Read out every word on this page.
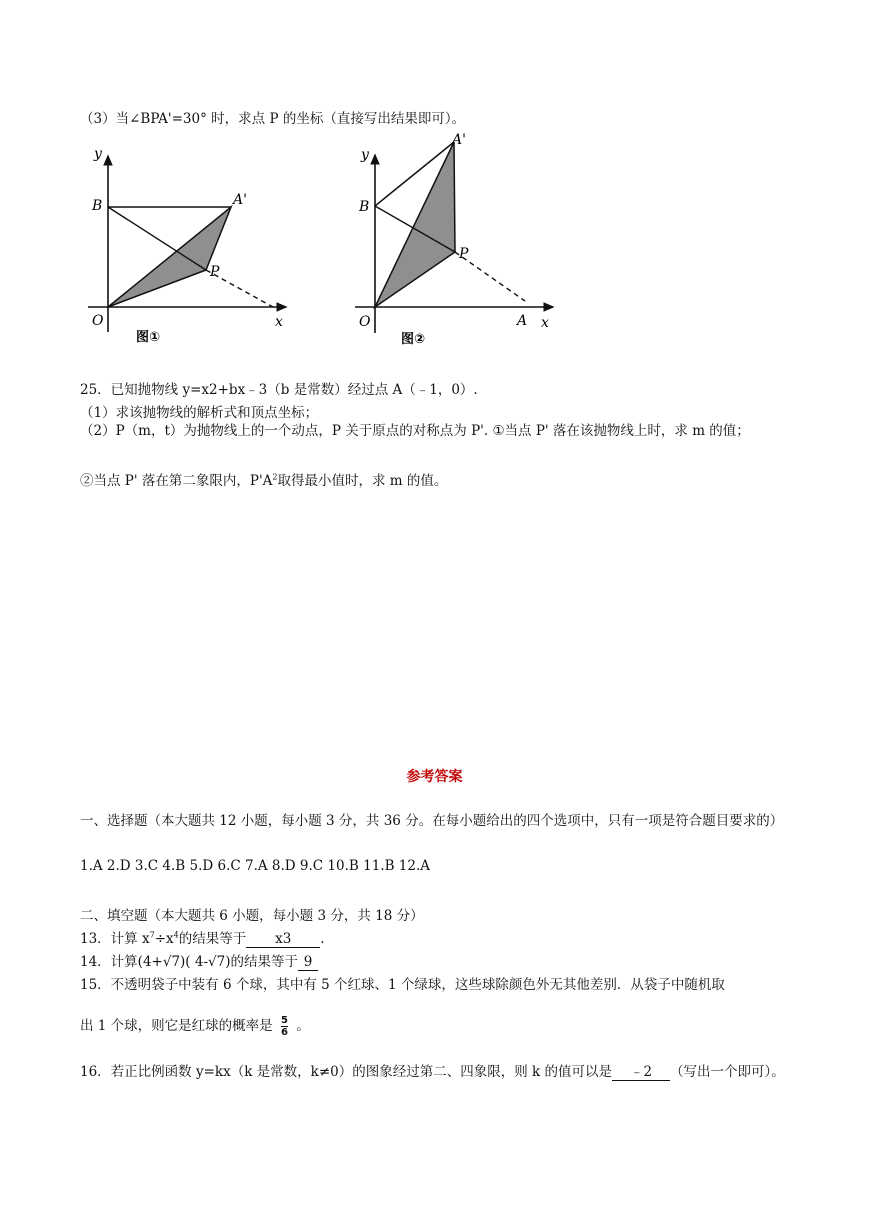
（3）当∠BPA'=30° 时，求点 P 的坐标（直接写出结果即可）。
y
B	A'
P
O	x
图①
y
B
A'
P
O	A x
图②
25．已知抛物线 y=x2+bx﹣3（b 是常数）经过点 A（﹣1，0）.
（1）求该抛物线的解析式和顶点坐标；
（2）P（m，t）为抛物线上的一个动点，P 关于原点的对称点为 P'. ①当点 P' 落在该抛物线上时，求 m 的值；
②当点 P' 落在第二象限内，$P'A^2$取得最小值时，求 m 的值。
参考答案
一、选择题（本大题共 12 小题，每小题 3 分，共 36 分。在每小题给出的四个选项中，只有一项是符合题目要求的）
1.A 2.D 3.C 4.B 5.D 6.C 7.A 8.D 9.C 10.B 11.B 12.A
二、填空题（本大题共 6 小题，每小题 3 分，共 18 分）
13．计算 $x^7\div x^4$的结果等于 x3 .
14．计算(4+√7)( 4-√7)的结果等于 9
15．不透明袋子中装有 6 个球，其中有 5 个红球、1 个绿球，这些球除颜色外无其他差别．从袋子中随机取
出 1 个球，则它是红球的概率是 $\frac{5}{6}$ 。
16．若正比例函数 y=kx（k 是常数，k≠0）的图象经过第二、四象限，则 k 的值可以是 ﹣2 （写出一个即可）。
